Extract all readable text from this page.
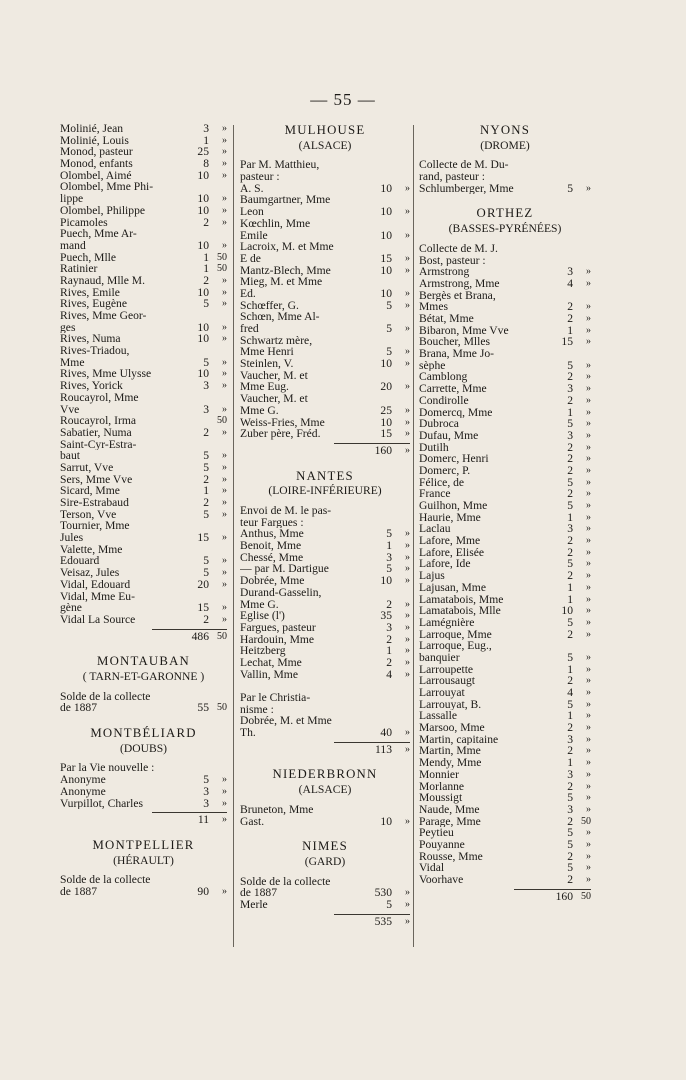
— 55 —
Molinié, Jean	3	»
Molinié, Louis	1	»
Monod, pasteur	25	»
Monod, enfants	8	»
Olombel, Aimé	10	»
Olombel, Mme Phi-
lippe	10	»
Olombel, Philippe	10	»
Picamoles	2	»
Puech, Mme Ar-
mand	10	»
Puech, Mlle	1 50
Ratinier	1 50
Raynaud, Mlle M.	2	»
Rives, Emile	10	»
Rives, Eugène	5	»
Rives, Mme Geor-
ges	10	»
Rives, Numa	10	»
Rives-Triadou,
Mme	5	»
Rives, Mme Ulysse	10	»
Rives, Yorick	3	»
Roucayrol, Mme
Vve	3	»
Roucayrol, Irma	50
Sabatier, Numa	2	»
Saint-Cyr-Estra-
baut	5	»
Sarrut, Vve	5	»
Sers, Mme Vve	2	»
Sicard, Mme	1	»
Sire-Estrabaud	2	»
Terson, Vve	5	»
Tournier, Mme
Jules	15	»
Valette, Mme
Edouard	5	»
Veisaz, Jules	5	»
Vidal, Edouard	20	»
Vidal, Mme Eu-
gène	15	»
Vidal La Source	2	»
486 50
MONTAUBAN
( TARN-ET-GARONNE )
Solde de la collecte
de 1887	55 50
MONTBÉLIARD
(DOUBS)
Par la Vie nouvelle :
Anonyme	5	»
Anonyme	3	»
Vurpillot, Charles	3	»
11	»
MONTPELLIER
(HÉRAULT)
Solde de la collecte
de 1887	90	»
MULHOUSE
(ALSACE)
Par M. Matthieu,
pasteur :
A. S.	10	»
Baumgartner, Mme
Leon	10	»
Kœchlin, Mme
Emile	10	»
Lacroix, M. et Mme
E de	15	»
Mantz-Blech, Mme	10	»
Mieg, M. et Mme
Ed.	10	»
Schœffer, G.	5	»
Schœn, Mme Al-
fred	5	»
Schwartz mère,
Mme Henri	5	»
Steinlen, V.	10	»
Vaucher, M. et
Mme Eug.	20	»
Vaucher, M. et
Mme G.	25	»
Weiss-Fries, Mme	10	»
Zuber père, Fréd.	15	»
160	»
NANTES
(LOIRE-INFÉRIEURE)
Envoi de M. le pas-
teur Fargues :
Anthus, Mme	5	»
Benoit, Mme	1	»
Chessé, Mme	3	»
— par M. Dartigue	5	»
Dobrée, Mme	10	»
Durand-Gasselin,
Mme G.	2	»
Eglise (l')	35	»
Fargues, pasteur	3	»
Hardouin, Mme	2	»
Heitzberg	1	»
Lechat, Mme	2	»
Vallin, Mme	4	»
Par le Christia-
nisme :
Dobrée, M. et Mme
Th.	40	»
113	»
NIEDERBRONN
(ALSACE)
Bruneton, Mme
Gast.	10	»
NIMES
(GARD)
Solde de la collecte
de 1887	530	»
Merle	5	»
535	»
NYONS
(DROME)
Collecte de M. Du-
rand, pasteur :
Schlumberger, Mme	5	»
ORTHEZ
(BASSES-PYRÉNÉES)
Collecte de M. J.
Bost, pasteur :
Armstrong	3	»
Armstrong, Mme	4	»
Bergès et Brana,
Mmes	2	»
Bétat, Mme	2	»
Bibaron, Mme Vve	1	»
Boucher, Mlles	15	»
Brana, Mme Jo-
sèphe	5	»
Camblong	2	»
Carrette, Mme	3	»
Condirolle	2	»
Domercq, Mme	1	»
Dubroca	5	»
Dufau, Mme	3	»
Dutilh	2	»
Domerc, Henri	2	»
Domerc, P.	2	»
Félice, de	5	»
France	2	»
Guilhon, Mme	5	»
Haurie, Mme	1	»
Laclau	3	»
Lafore, Mme	2	»
Lafore, Elisée	2	»
Lafore, Ide	5	»
Lajus	2	»
Lajusan, Mme	1	»
Lamatabois, Mme	1	»
Lamatabois, Mlle	10	»
Lamégnière	5	»
Larroque, Mme	2	»
Larroque, Eug.,
banquier	5	»
Larroupette	1	»
Larrousaugt	2	»
Larrouyat	4	»
Larrouyat, B.	5	»
Lassalle	1	»
Marsoo, Mme	2	»
Martin, capitaine	3	»
Martin, Mme	2	»
Mendy, Mme	1	»
Monnier	3	»
Morlanne	2	»
Moussigt	5	»
Naude, Mme	3	»
Parage, Mme	2 50
Peytieu	5	»
Pouyanne	5	»
Rousse, Mme	2	»
Vidal	5	»
Voorhave	2	»
160 50
